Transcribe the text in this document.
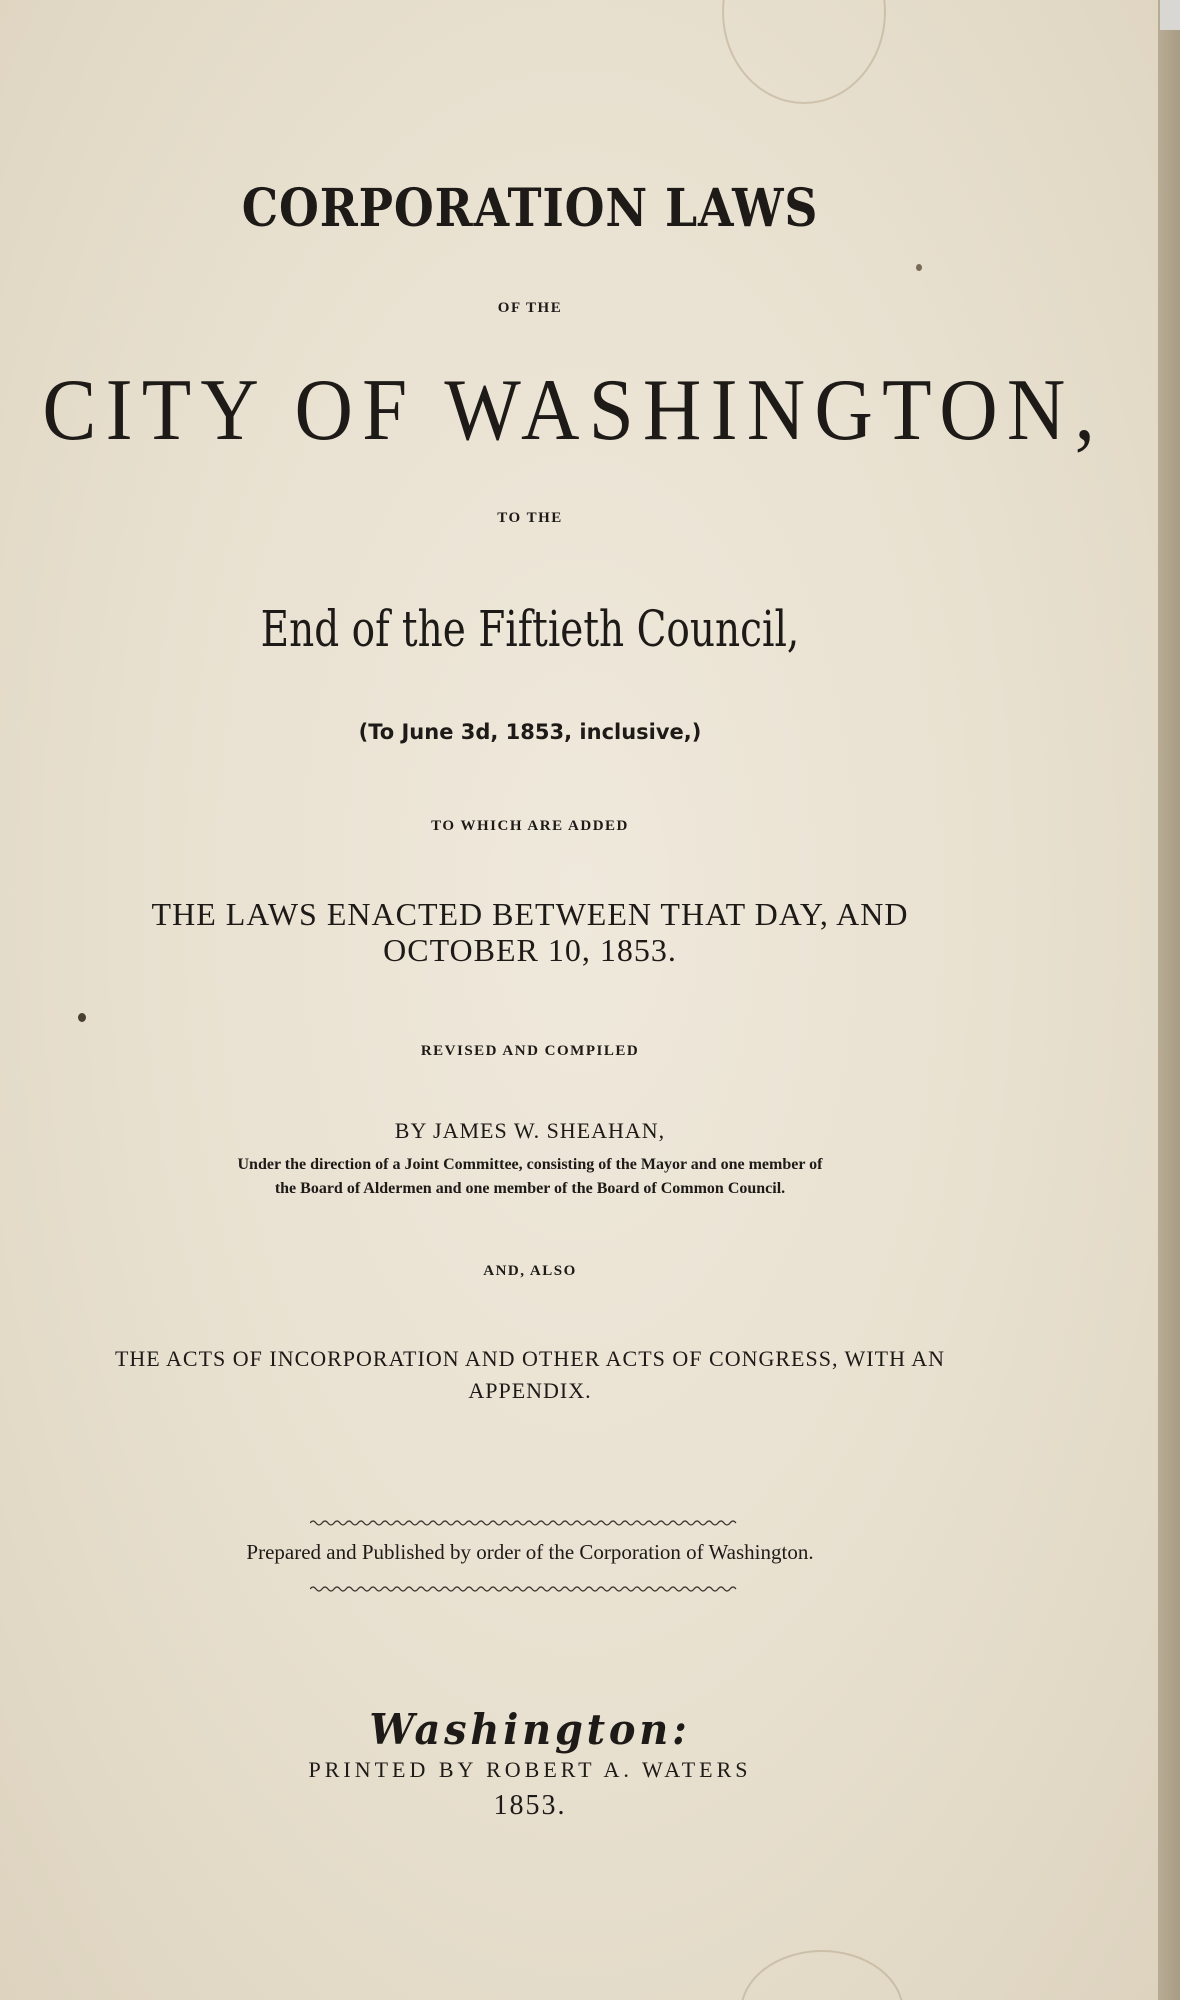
CORPORATION LAWS
OF THE
CITY OF WASHINGTON,
TO THE
End of the Fiftieth Council,
(To June 3d, 1853, inclusive,)
TO WHICH ARE ADDED
THE LAWS ENACTED BETWEEN THAT DAY, AND
OCTOBER 10, 1853.
REVISED AND COMPILED
BY JAMES W. SHEAHAN,
Under the direction of a Joint Committee, consisting of the Mayor and one member of
the Board of Aldermen and one member of the Board of Common Council.
AND, ALSO
THE ACTS OF INCORPORATION AND OTHER ACTS OF CONGRESS, WITH AN
APPENDIX.
Prepared and Published by order of the Corporation of Washington.
Washington:
PRINTED BY ROBERT A. WATERS
1853.
